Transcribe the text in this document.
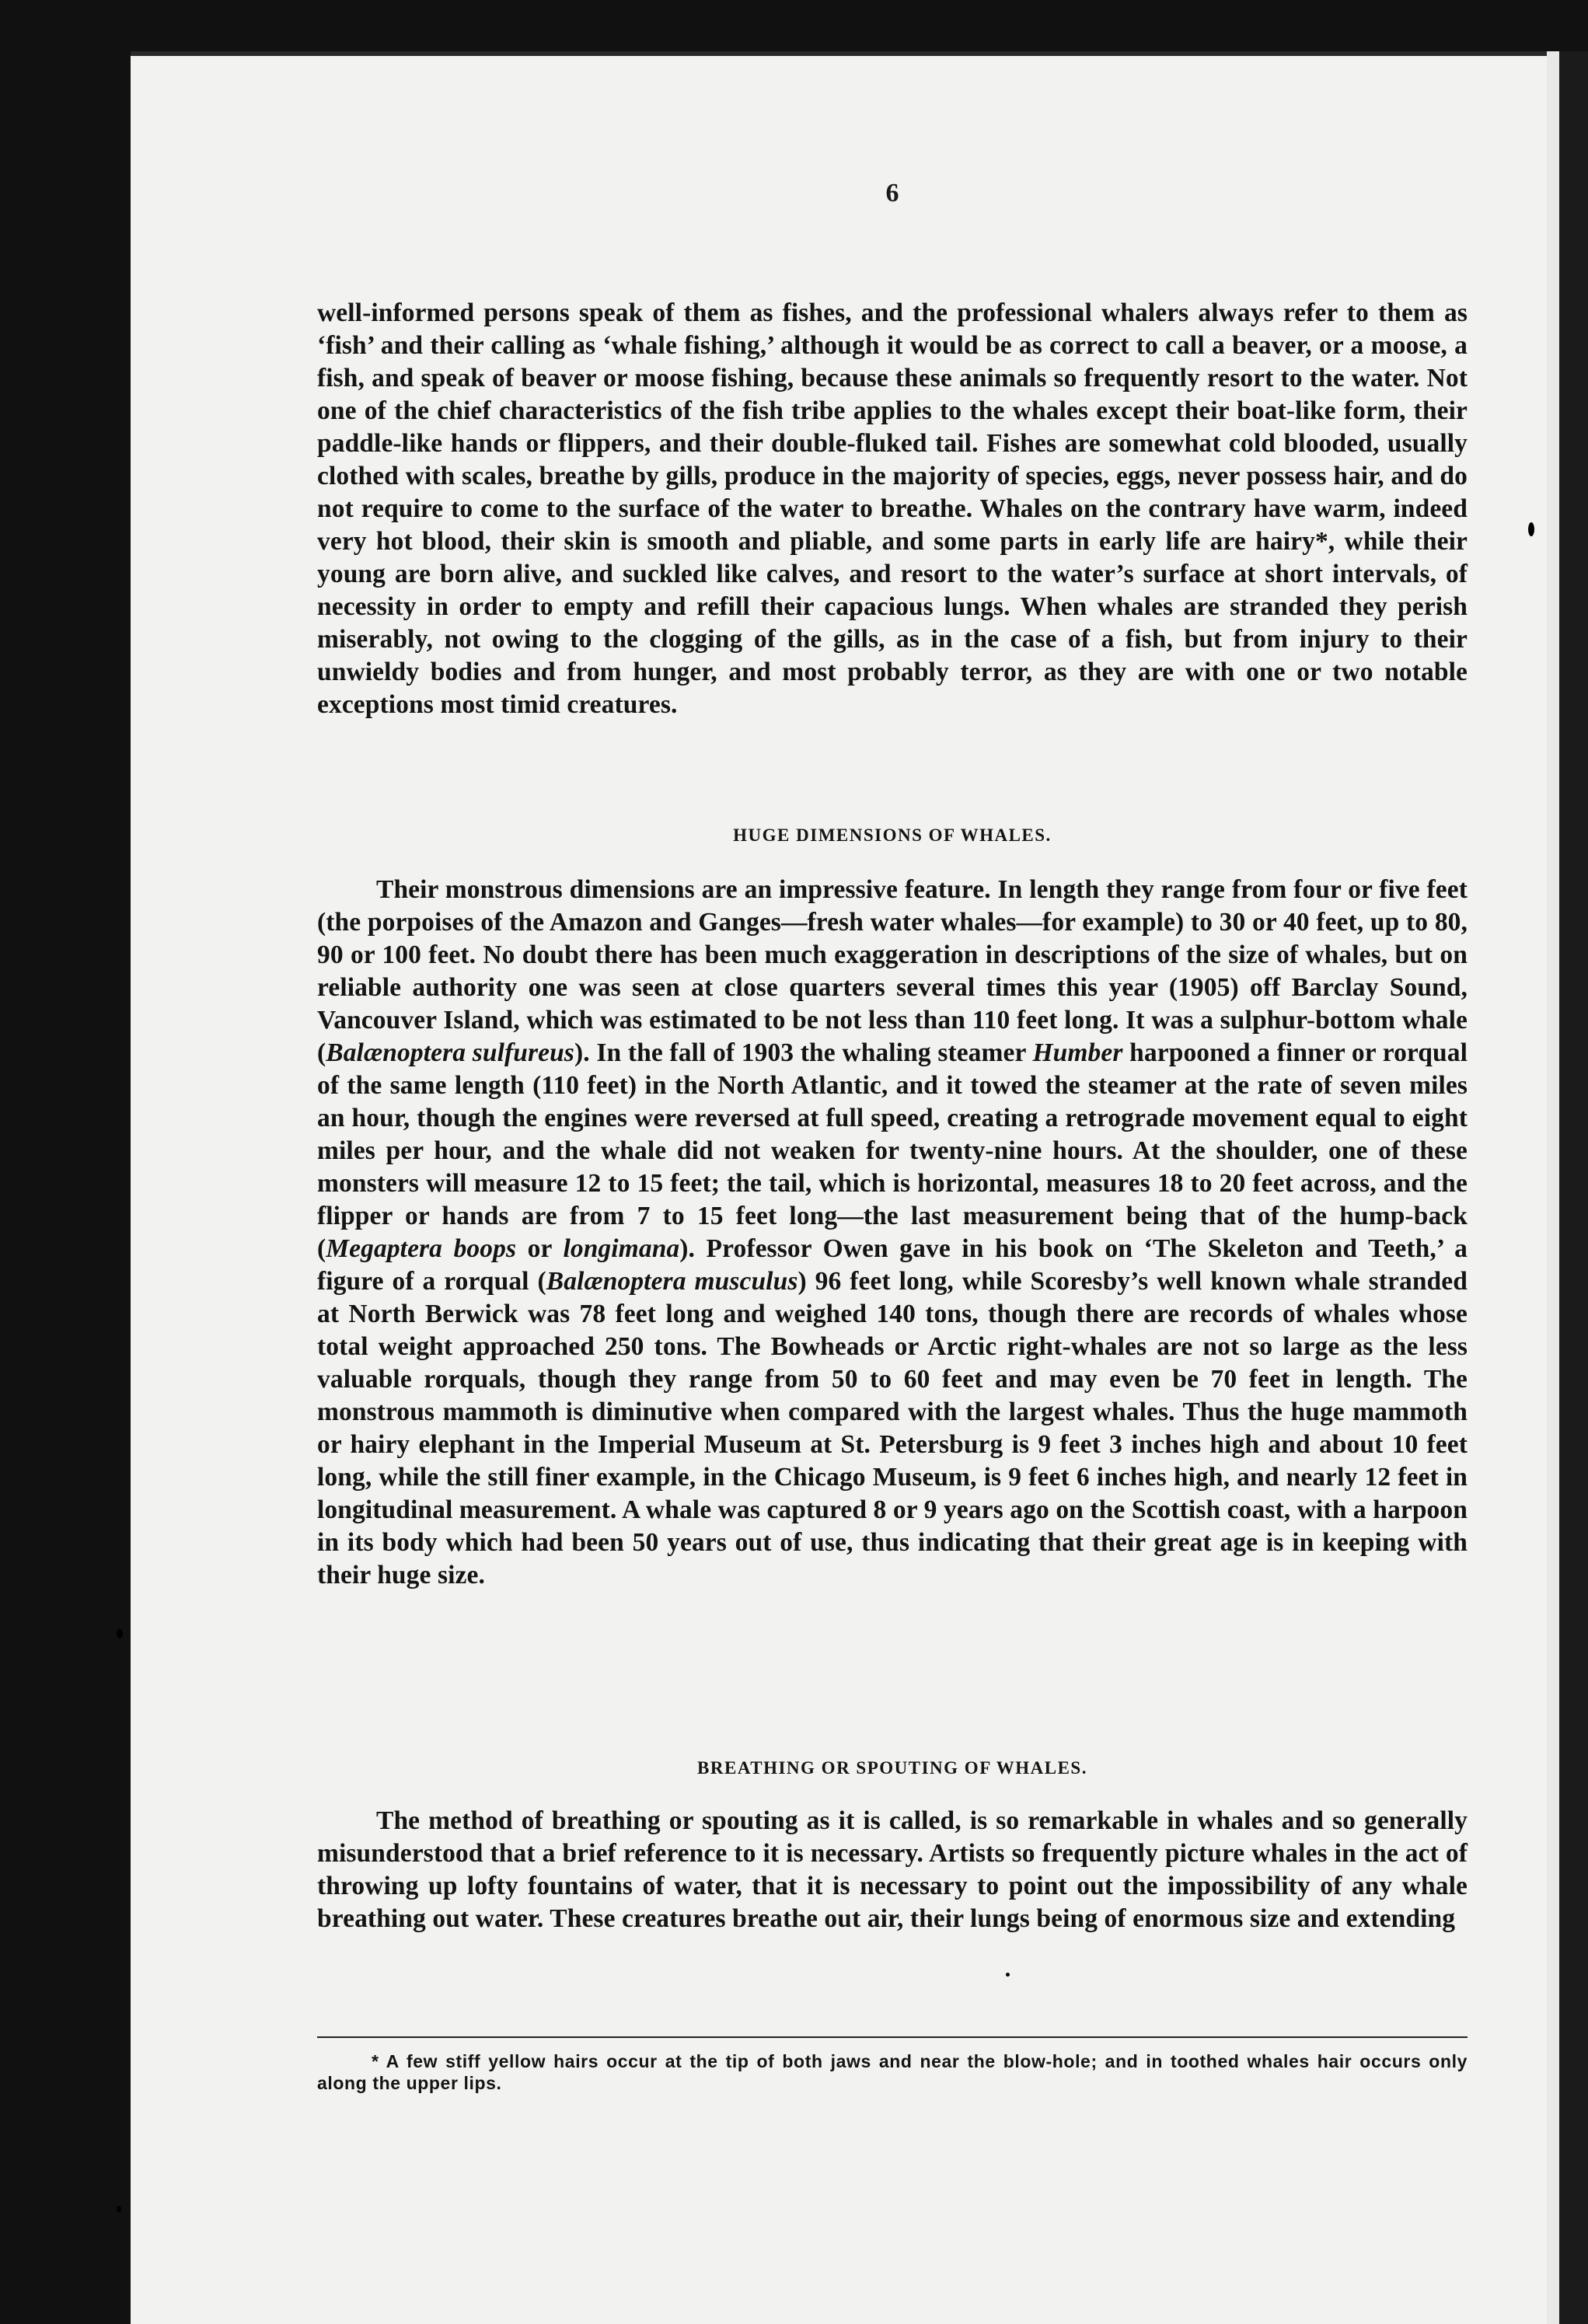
6

well-informed persons speak of them as fishes, and the professional whalers always refer to them as ‘fish’ and their calling as ‘whale fishing,’ although it would be as correct to call a beaver, or a moose, a fish, and speak of beaver or moose fishing, because these animals so frequently resort to the water. Not one of the chief characteristics of the fish tribe applies to the whales except their boat-like form, their paddle-like hands or flippers, and their double-fluked tail. Fishes are somewhat cold blooded, usually clothed with scales, breathe by gills, produce in the majority of species, eggs, never possess hair, and do not require to come to the surface of the water to breathe. Whales on the contrary have warm, indeed very hot blood, their skin is smooth and pliable, and some parts in early life are hairy*, while their young are born alive, and suckled like calves, and resort to the water’s surface at short intervals, of necessity in order to empty and refill their capacious lungs. When whales are stranded they perish miserably, not owing to the clogging of the gills, as in the case of a fish, but from injury to their unwieldy bodies and from hunger, and most probably terror, as they are with one or two notable exceptions most timid creatures.

HUGE DIMENSIONS OF WHALES.

Their monstrous dimensions are an impressive feature. In length they range from four or five feet (the porpoises of the Amazon and Ganges—fresh water whales—for example) to 30 or 40 feet, up to 80, 90 or 100 feet. No doubt there has been much exaggeration in descriptions of the size of whales, but on reliable authority one was seen at close quarters several times this year (1905) off Barclay Sound, Vancouver Island, which was estimated to be not less than 110 feet long. It was a sulphur-bottom whale (Balænoptera sulfureus). In the fall of 1903 the whaling steamer Humber harpooned a finner or rorqual of the same length (110 feet) in the North Atlantic, and it towed the steamer at the rate of seven miles an hour, though the engines were reversed at full speed, creating a retrograde movement equal to eight miles per hour, and the whale did not weaken for twenty-nine hours. At the shoulder, one of these monsters will measure 12 to 15 feet; the tail, which is horizontal, measures 18 to 20 feet across, and the flipper or hands are from 7 to 15 feet long—the last measurement being that of the hump-back (Megaptera boops or longimana). Professor Owen gave in his book on ‘The Skeleton and Teeth,’ a figure of a rorqual (Balænoptera musculus) 96 feet long, while Scoresby’s well known whale stranded at North Berwick was 78 feet long and weighed 140 tons, though there are records of whales whose total weight approached 250 tons. The Bowheads or Arctic right-whales are not so large as the less valuable rorquals, though they range from 50 to 60 feet and may even be 70 feet in length. The monstrous mammoth is diminutive when compared with the largest whales. Thus the huge mammoth or hairy elephant in the Imperial Museum at St. Petersburg is 9 feet 3 inches high and about 10 feet long, while the still finer example, in the Chicago Museum, is 9 feet 6 inches high, and nearly 12 feet in longitudinal measurement. A whale was captured 8 or 9 years ago on the Scottish coast, with a harpoon in its body which had been 50 years out of use, thus indicating that their great age is in keeping with their huge size.

BREATHING OR SPOUTING OF WHALES.

The method of breathing or spouting as it is called, is so remarkable in whales and so generally misunderstood that a brief reference to it is necessary. Artists so frequently picture whales in the act of throwing up lofty fountains of water, that it is necessary to point out the impossibility of any whale breathing out water. These creatures breathe out air, their lungs being of enormous size and extending

* A few stiff yellow hairs occur at the tip of both jaws and near the blow-hole; and in toothed whales hair occurs only along the upper lips.
